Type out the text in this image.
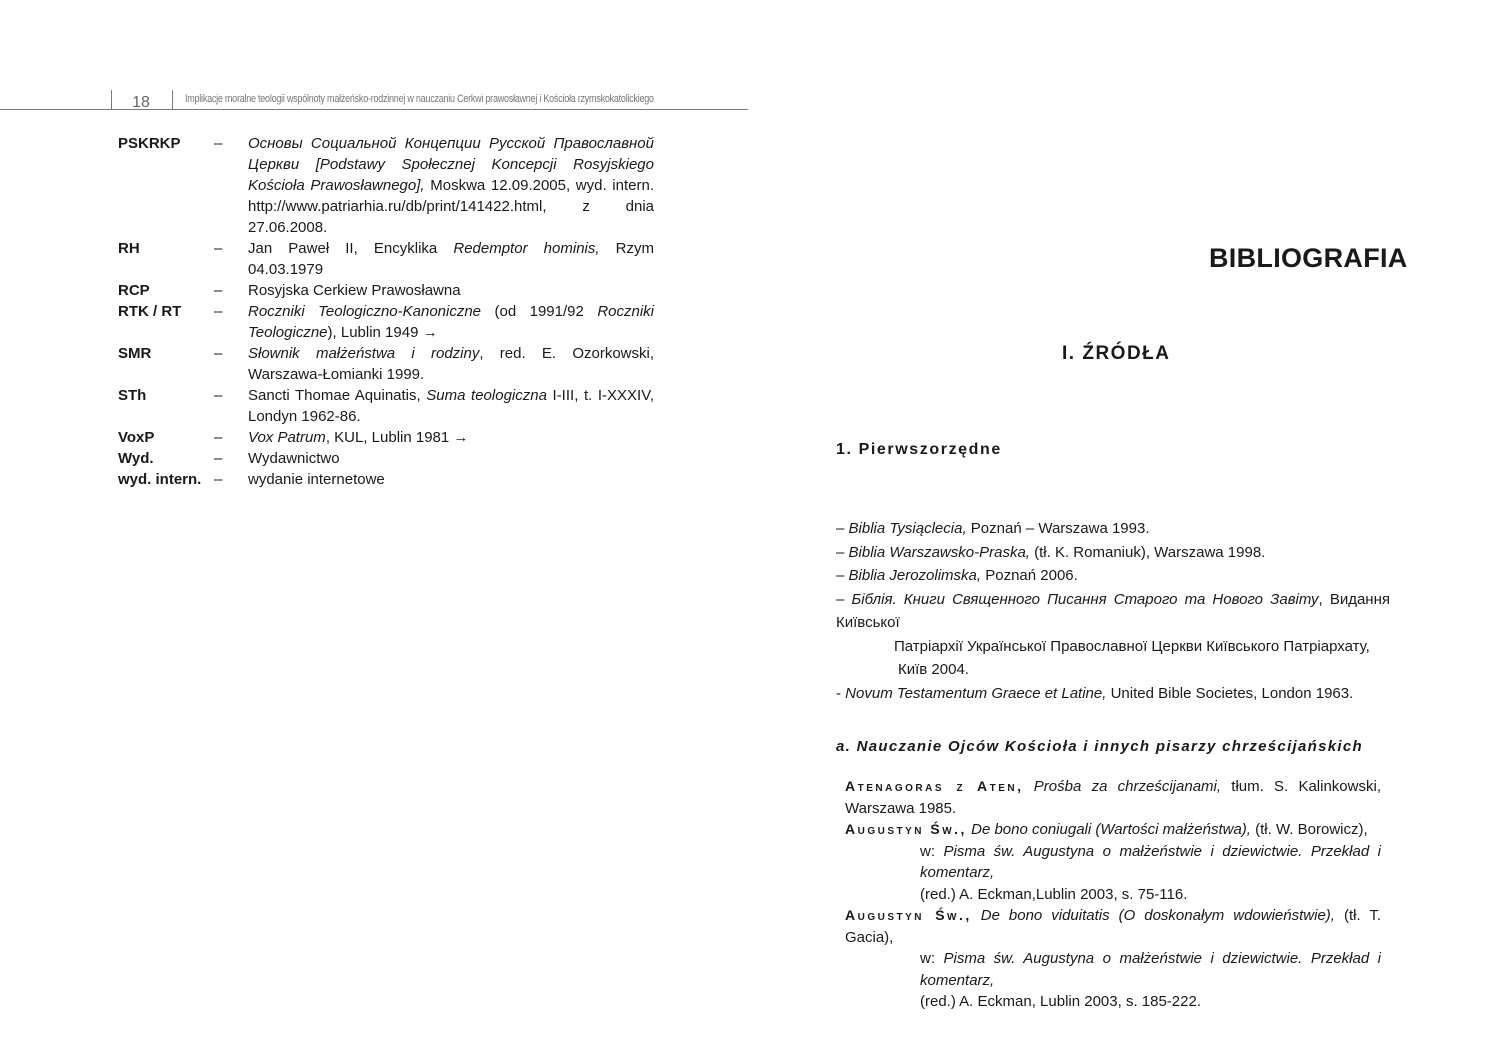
18	Implikacje moralne teologii wspólnoty małżeńsko-rodzinnej w nauczaniu Cerkwi prawosławnej i Kościoła rzymskokatolickiego
PSKRKP	–	Основы Социальной Концепции Русской Православной Церкви [Podstawy Społecznej Koncepcji Rosyjskiego Kościoła Prawosławnego], Moskwa 12.09.2005, wyd. intern. http://www.patriarhia.ru/db/print/141422.html, z dnia 27.06.2008.
RH	–	Jan Paweł II, Encyklika Redemptor hominis, Rzym 04.03.1979
RCP	–	Rosyjska Cerkiew Prawosławna
RTK / RT	–	Roczniki Teologiczno-Kanoniczne (od 1991/92 Roczniki Teologiczne), Lublin 1949 →
SMR	–	Słownik małżeństwa i rodziny, red. E. Ozorkowski, Warszawa-Łomianki 1999.
STh	–	Sancti Thomae Aquinatis, Suma teologiczna I-III, t. I-XXXIV, Londyn 1962-86.
VoxP	–	Vox Patrum, KUL, Lublin 1981 →
Wyd.	–	Wydawnictwo
wyd. intern. –	wydanie internetowe
BIBLIOGRAFIA
I. ŹRÓDŁA
1. Pierwszorzędne
– Biblia Tysiąclecia, Poznań – Warszawa 1993.
– Biblia Warszawsko-Praska, (tł. K. Romaniuk), Warszawa 1998.
– Biblia Jerozolimska, Poznań 2006.
– Біблія. Книги Священного Писання Старого та Нового Завіту, Видання Київської
Патріархії Української Православної Церкви Київського Патріархату,
Київ 2004.
- Novum Testamentum Graece et Latine, United Bible Societes, London 1963.
a. Nauczanie Ojców Kościoła i innych pisarzy chrześcijańskich
Atenagoras z Aten, Prośba za chrześcijanami, tłum. S. Kalinkowski, Warszawa 1985.
Augustyn Św., De bono coniugali (Wartości małżeństwa), (tł. W. Borowicz),
w: Pisma św. Augustyna o małżeństwie i dziewictwie. Przekład i komentarz,
(red.) A. Eckman,Lublin 2003, s. 75-116.
Augustyn Św., De bono viduitatis (O doskonałym wdowieństwie), (tł. T. Gacia),
w: Pisma św. Augustyna o małżeństwie i dziewictwie. Przekład i komentarz,
(red.) A. Eckman, Lublin 2003, s. 185-222.
